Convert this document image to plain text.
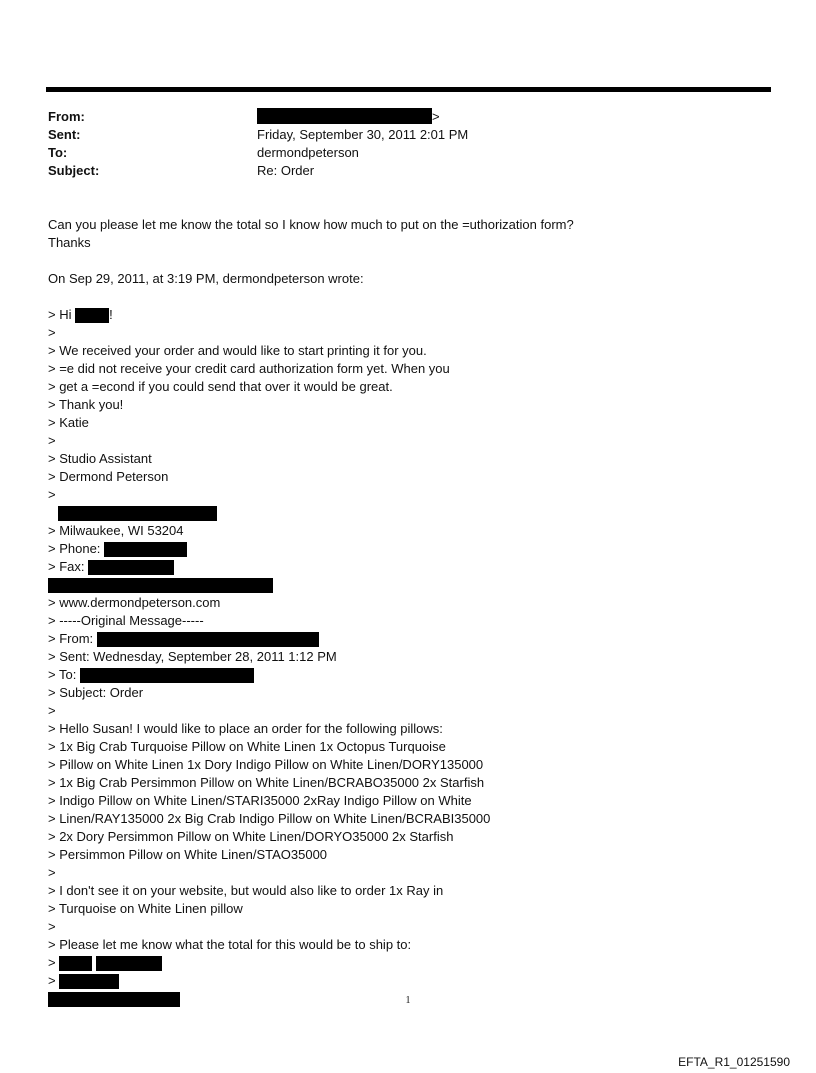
From:	>
Sent:	Friday, September 30, 2011 2:01 PM
To:	dermondpeterson
Subject:	Re: Order
Can you please let me know the total so I know how much to put on the =uthorization form?
Thanks
On Sep 29, 2011, at 3:19 PM, dermondpeterson wrote:
> Hi	!
>
> We received your order and would like to start printing it for you.
> =e did not receive your credit card authorization form yet. When you
> get a =econd if you could send that over it would be great.
> Thank you!
> Katie
>
> Studio Assistant
> Dermond Peterson
>
> Milwaukee, WI 53204
> Phone:
> Fax:
> www.dermondpeterson.com
> -----Original Message-----
> From:
> Sent: Wednesday, September 28, 2011 1:12 PM
> To:
> Subject: Order
>
> Hello Susan! I would like to place an order for the following pillows:
> 1x Big Crab Turquoise Pillow on White Linen 1x Octopus Turquoise
> Pillow on White Linen 1x Dory Indigo Pillow on White Linen/DORY135000
> 1x Big Crab Persimmon Pillow on White Linen/BCRABO35000 2x Starfish
> Indigo Pillow on White Linen/STARI35000 2xRay Indigo Pillow on White
> Linen/RAY135000 2x Big Crab Indigo Pillow on White Linen/BCRABI35000
> 2x Dory Persimmon Pillow on White Linen/DORYO35000 2x Starfish
> Persimmon Pillow on White Linen/STAO35000
>
> I don't see it on your website, but would also like to order 1x Ray in
> Turquoise on White Linen pillow
>
> Please let me know what the total for this would be to ship to:
>
>
1
EFTA_R1_01251590
